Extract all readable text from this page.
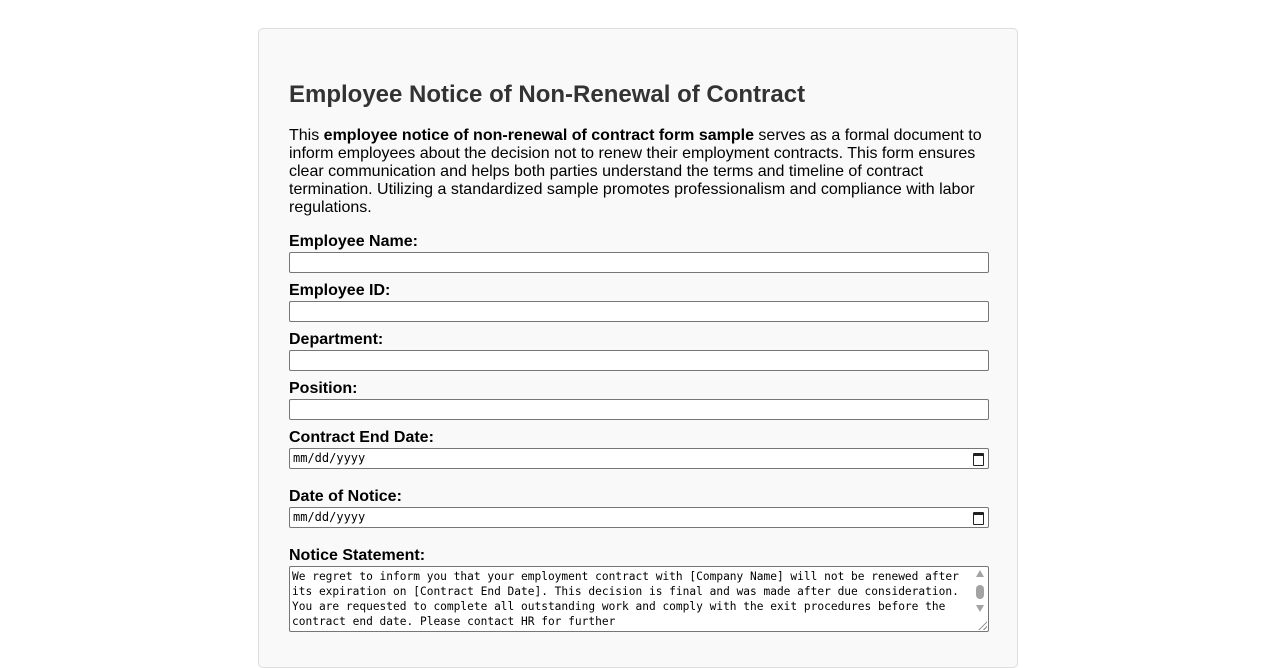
Employee Notice of Non-Renewal of Contract

This employee notice of non-renewal of contract form sample serves as a formal document to inform employees about the decision not to renew their employment contracts. This form ensures clear communication and helps both parties understand the terms and timeline of contract termination. Utilizing a standardized sample promotes professionalism and compliance with labor regulations.

Employee Name:
Employee ID:
Department:
Position:
Contract End Date:
mm/dd/yyyy
Date of Notice:
mm/dd/yyyy
Notice Statement:
We regret to inform you that your employment contract with [Company Name] will not be renewed after its expiration on [Contract End Date]. This decision is final and was made after due consideration. You are requested to complete all outstanding work and comply with the exit procedures before the contract end date. Please contact HR for further
